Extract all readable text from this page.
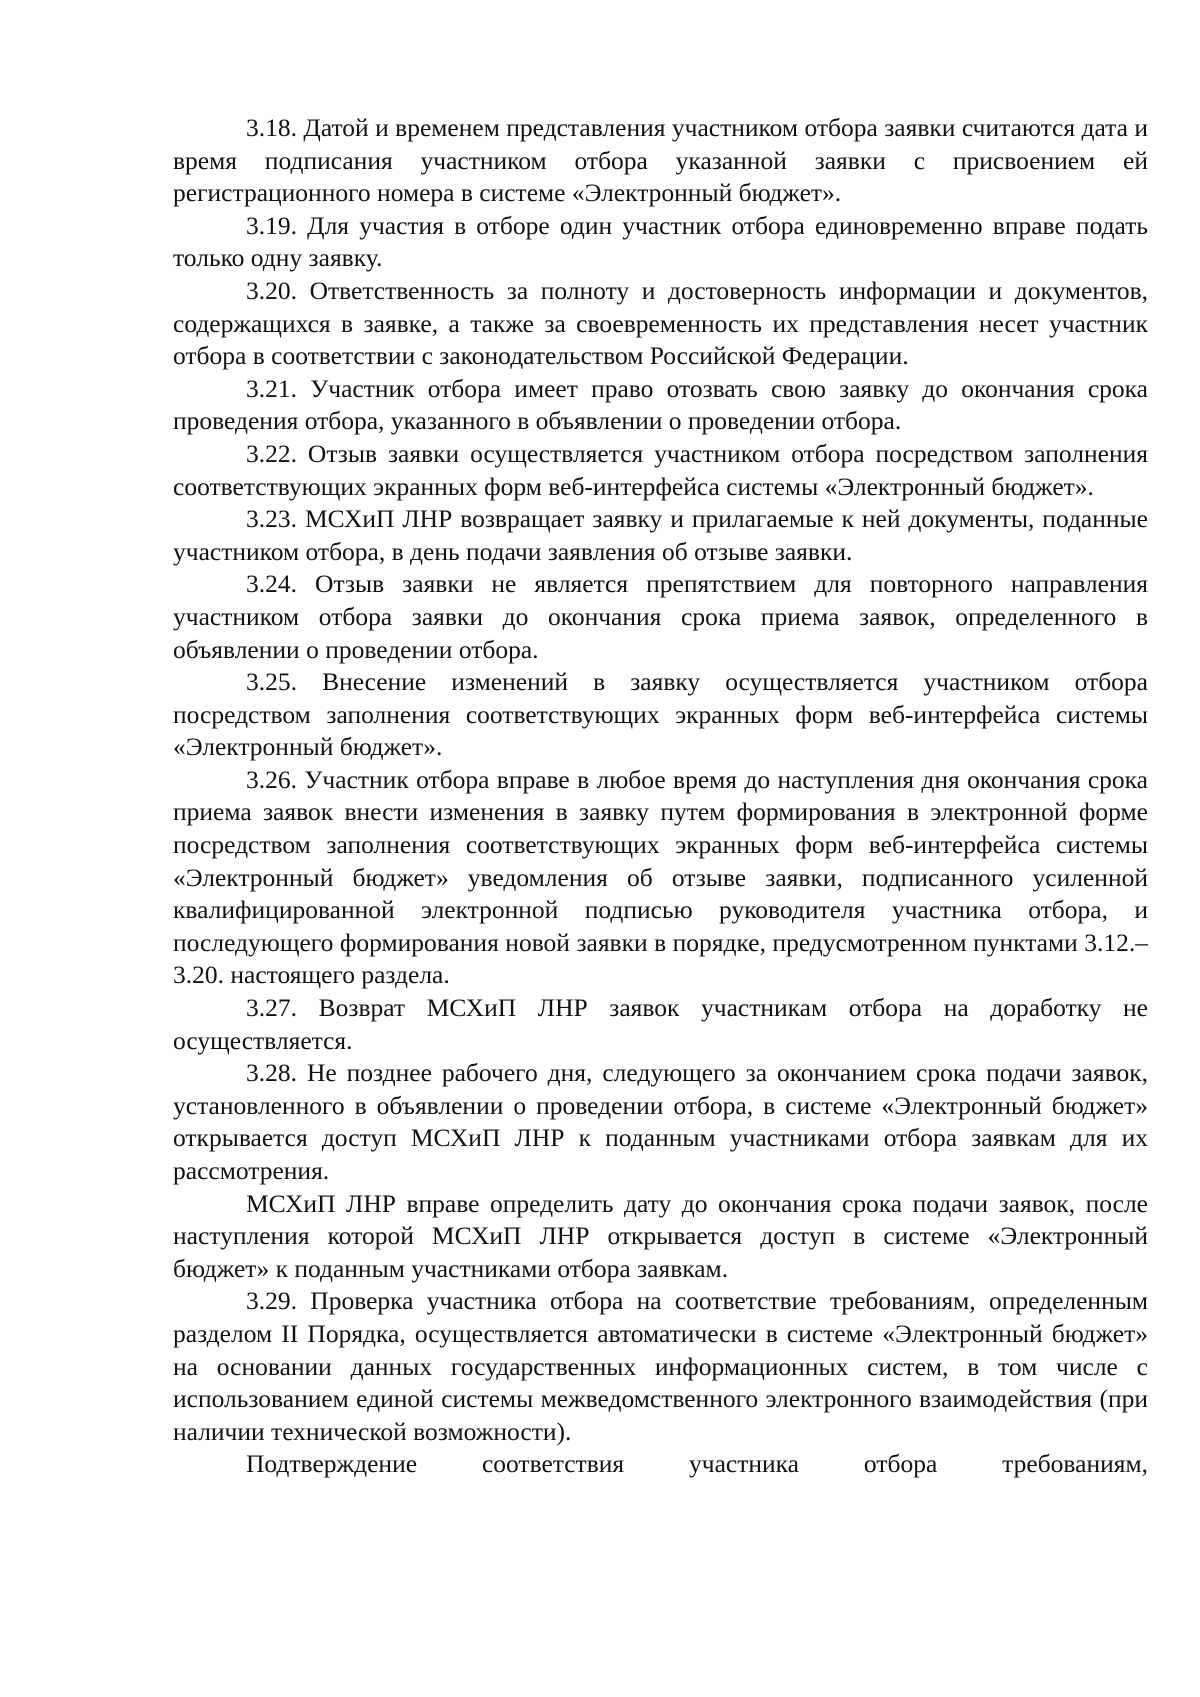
3.18. Датой и временем представления участником отбора заявки считаются дата и время подписания участником отбора указанной заявки с присвоением ей регистрационного номера в системе «Электронный бюджет».

3.19. Для участия в отборе один участник отбора единовременно вправе подать только одну заявку.

3.20. Ответственность за полноту и достоверность информации и документов, содержащихся в заявке, а также за своевременность их представления несет участник отбора в соответствии с законодательством Российской Федерации.

3.21. Участник отбора имеет право отозвать свою заявку до окончания срока проведения отбора, указанного в объявлении о проведении отбора.

3.22. Отзыв заявки осуществляется участником отбора посредством заполнения соответствующих экранных форм веб-интерфейса системы «Электронный бюджет».

3.23. МСХиП ЛНР возвращает заявку и прилагаемые к ней документы, поданные участником отбора, в день подачи заявления об отзыве заявки.

3.24. Отзыв заявки не является препятствием для повторного направления участником отбора заявки до окончания срока приема заявок, определенного в объявлении о проведении отбора.

3.25. Внесение изменений в заявку осуществляется участником отбора посредством заполнения соответствующих экранных форм веб-интерфейса системы «Электронный бюджет».

3.26. Участник отбора вправе в любое время до наступления дня окончания срока приема заявок внести изменения в заявку путем формирования в электронной форме посредством заполнения соответствующих экранных форм веб-интерфейса системы «Электронный бюджет» уведомления об отзыве заявки, подписанного усиленной квалифицированной электронной подписью руководителя участника отбора, и последующего формирования новой заявки в порядке, предусмотренном пунктами 3.12.–3.20. настоящего раздела.

3.27. Возврат МСХиП ЛНР заявок участникам отбора на доработку не осуществляется.

3.28. Не позднее рабочего дня, следующего за окончанием срока подачи заявок, установленного в объявлении о проведении отбора, в системе «Электронный бюджет» открывается доступ МСХиП ЛНР к поданным участниками отбора заявкам для их рассмотрения.

МСХиП ЛНР вправе определить дату до окончания срока подачи заявок, после наступления которой МСХиП ЛНР открывается доступ в системе «Электронный бюджет» к поданным участниками отбора заявкам.

3.29. Проверка участника отбора на соответствие требованиям, определенным разделом II Порядка, осуществляется автоматически в системе «Электронный бюджет» на основании данных государственных информационных систем, в том числе с использованием единой системы межведомственного электронного взаимодействия (при наличии технической возможности).

Подтверждение соответствия участника отбора требованиям,
